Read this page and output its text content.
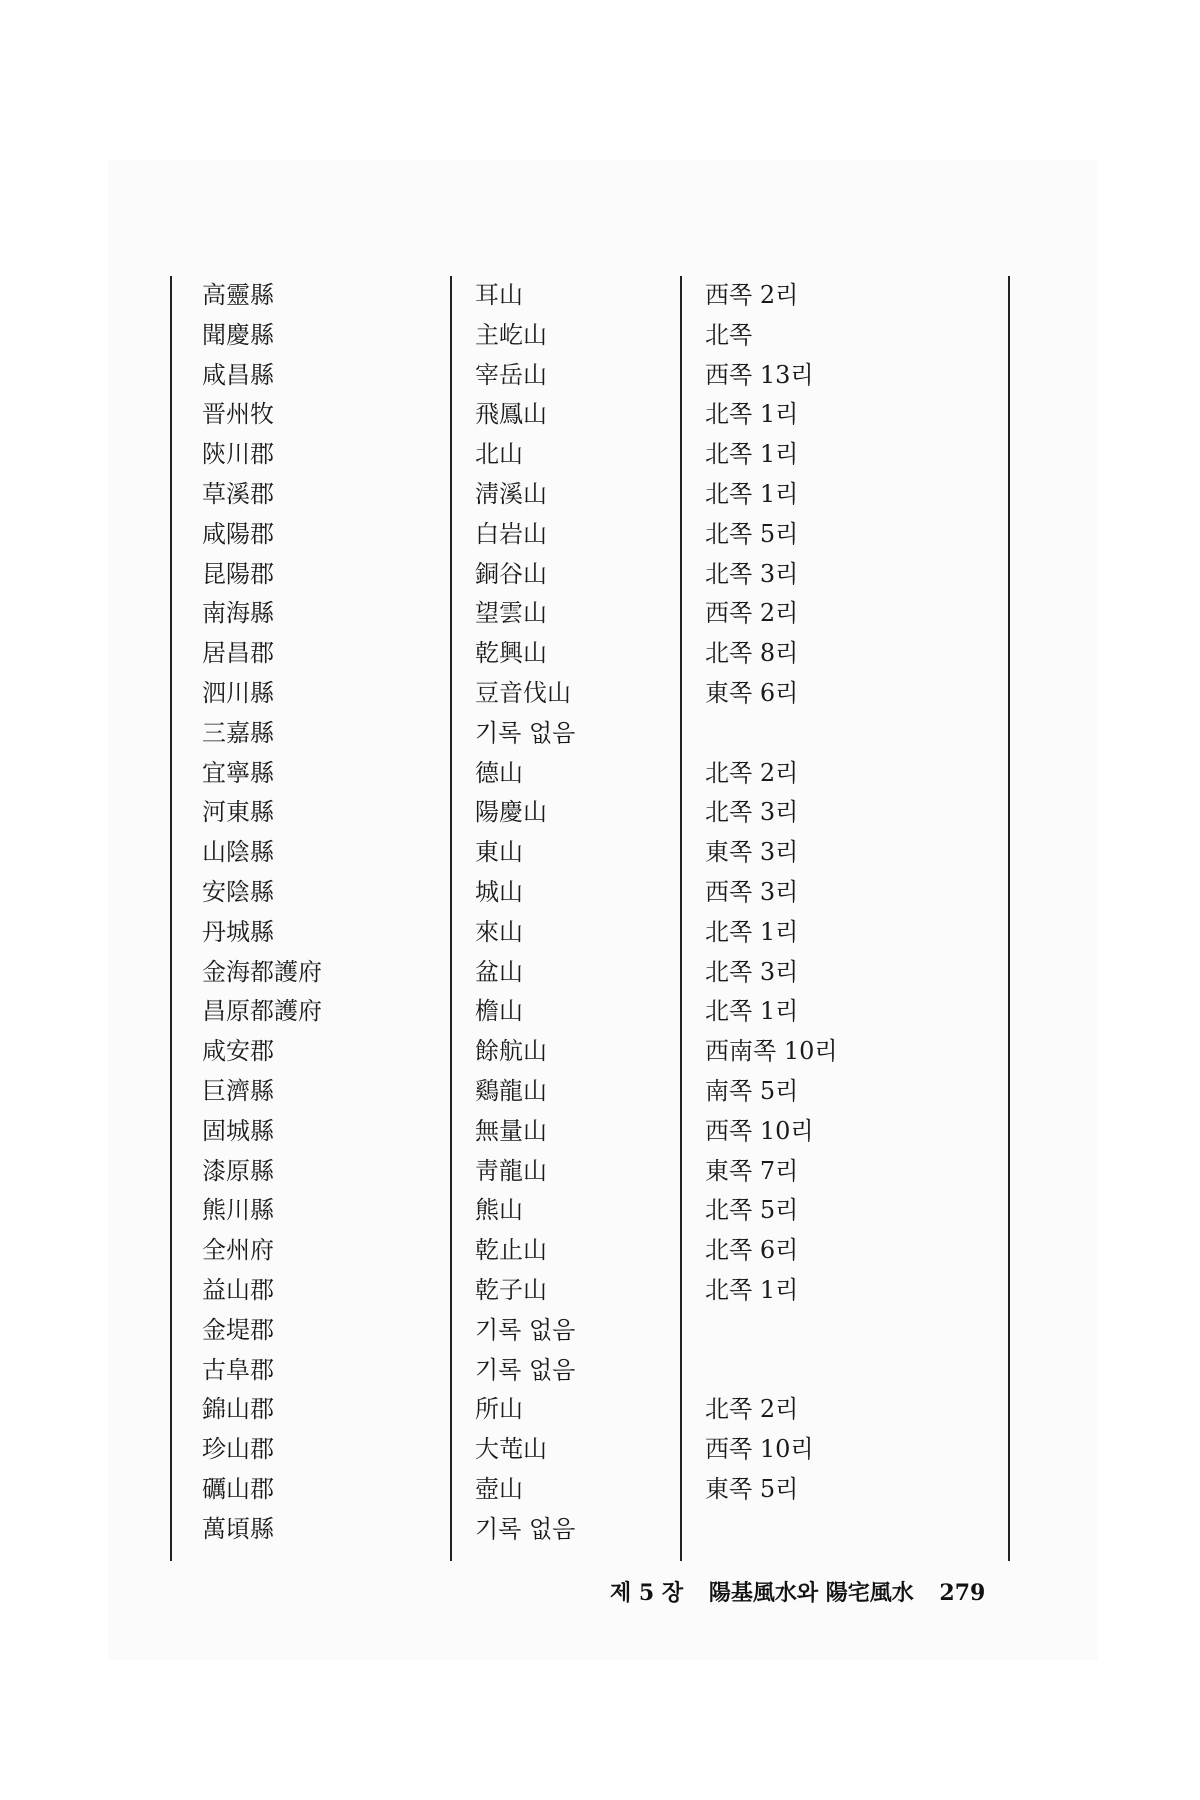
高靈縣	耳山	西쪽 2리
聞慶縣	主屹山	北쪽
咸昌縣	宰岳山	西쪽 13리
晋州牧	飛鳳山	北쪽 1리
陝川郡	北山	北쪽 1리
草溪郡	淸溪山	北쪽 1리
咸陽郡	白岩山	北쪽 5리
昆陽郡	銅谷山	北쪽 3리
南海縣	望雲山	西쪽 2리
居昌郡	乾興山	北쪽 8리
泗川縣	豆音伐山	東쪽 6리
三嘉縣	기록 없음
宜寧縣	德山	北쪽 2리
河東縣	陽慶山	北쪽 3리
山陰縣	東山	東쪽 3리
安陰縣	城山	西쪽 3리
丹城縣	來山	北쪽 1리
金海都護府	盆山	北쪽 3리
昌原都護府	檐山	北쪽 1리
咸安郡	餘航山	西南쪽 10리
巨濟縣	鷄龍山	南쪽 5리
固城縣	無量山	西쪽 10리
漆原縣	靑龍山	東쪽 7리
熊川縣	熊山	北쪽 5리
全州府	乾止山	北쪽 6리
益山郡	乾子山	北쪽 1리
金堤郡	기록 없음
古阜郡	기록 없음
錦山郡	所山	北쪽 2리
珍山郡	大芚山	西쪽 10리
礪山郡	壺山	東쪽 5리
萬頃縣	기록 없음
제 5 장 陽基風水와 陽宅風水 279
